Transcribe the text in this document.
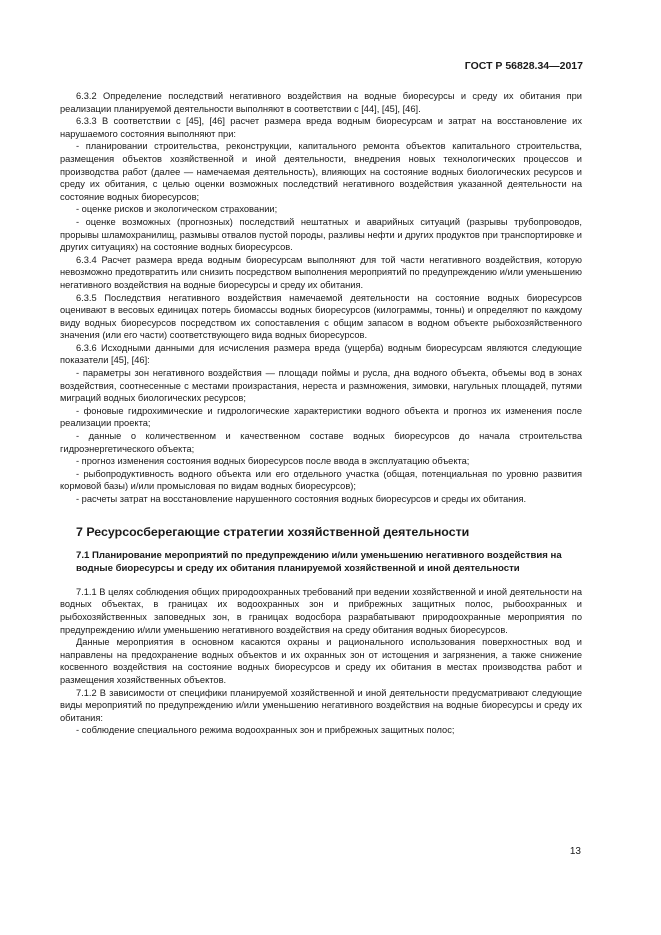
ГОСТ Р 56828.34—2017

6.3.2 Определение последствий негативного воздействия на водные биоресурсы и среду их обитания при реализации планируемой деятельности выполняют в соответствии с [44], [45], [46].

6.3.3 В соответствии с [45], [46] расчет размера вреда водным биоресурсам и затрат на восстановление их нарушаемого состояния выполняют при:

- планировании строительства, реконструкции, капитального ремонта объектов капитального строительства, размещения объектов хозяйственной и иной деятельности, внедрения новых технологических процессов и производства работ (далее — намечаемая деятельность), влияющих на состояние водных биологических ресурсов и среду их обитания, с целью оценки возможных последствий негативного воздействия указанной деятельности на состояние водных биоресурсов;

- оценке рисков и экологическом страховании;

- оценке возможных (прогнозных) последствий нештатных и аварийных ситуаций (разрывы трубопроводов, прорывы шламохранилищ, размывы отвалов пустой породы, разливы нефти и других продуктов при транспортировке и других ситуациях) на состояние водных биоресурсов.

6.3.4 Расчет размера вреда водным биоресурсам выполняют для той части негативного воздействия, которую невозможно предотвратить или снизить посредством выполнения мероприятий по предупреждению и/или уменьшению негативного воздействия на водные биоресурсы и среду их обитания.

6.3.5 Последствия негативного воздействия намечаемой деятельности на состояние водных биоресурсов оценивают в весовых единицах потерь биомассы водных биоресурсов (килограммы, тонны) и определяют по каждому виду водных биоресурсов посредством их сопоставления с общим запасом в водном объекте рыбохозяйственного значения (или его части) соответствующего вида водных биоресурсов.

6.3.6 Исходными данными для исчисления размера вреда (ущерба) водным биоресурсам являются следующие показатели [45], [46]:

- параметры зон негативного воздействия — площади поймы и русла, дна водного объекта, объемы вод в зонах воздействия, соотнесенные с местами произрастания, нереста и размножения, зимовки, нагульных площадей, путями миграций водных биологических ресурсов;

- фоновые гидрохимические и гидрологические характеристики водного объекта и прогноз их изменения после реализации проекта;

- данные о количественном и качественном составе водных биоресурсов до начала строительства гидроэнергетического объекта;

- прогноз изменения состояния водных биоресурсов после ввода в эксплуатацию объекта;

- рыбопродуктивность водного объекта или его отдельного участка (общая, потенциальная по уровню развития кормовой базы) и/или промысловая по видам водных биоресурсов);

- расчеты затрат на восстановление нарушенного состояния водных биоресурсов и среды их обитания.

7 Ресурсосберегающие стратегии хозяйственной деятельности
7.1 Планирование мероприятий по предупреждению и/или уменьшению негативного воздействия на водные биоресурсы и среду их обитания планируемой хозяйственной и иной деятельности

7.1.1 В целях соблюдения общих природоохранных требований при ведении хозяйственной и иной деятельности на водных объектах, в границах их водоохранных зон и прибрежных защитных полос, рыбоохранных и рыбохозяйственных заповедных зон, в границах водосбора разрабатывают природоохранные мероприятия по предупреждению и/или уменьшению негативного воздействия на среду обитания водных биоресурсов.

Данные мероприятия в основном касаются охраны и рационального использования поверхностных вод и направлены на предохранение водных объектов и их охранных зон от истощения и загрязнения, а также снижение косвенного воздействия на состояние водных биоресурсов и среду их обитания в местах производства работ и размещения хозяйственных объектов.

7.1.2 В зависимости от специфики планируемой хозяйственной и иной деятельности предусматривают следующие виды мероприятий по предупреждению и/или уменьшению негативного воздействия на водные биоресурсы и среду их обитания:

- соблюдение специального режима водоохранных зон и прибрежных защитных полос;

13
